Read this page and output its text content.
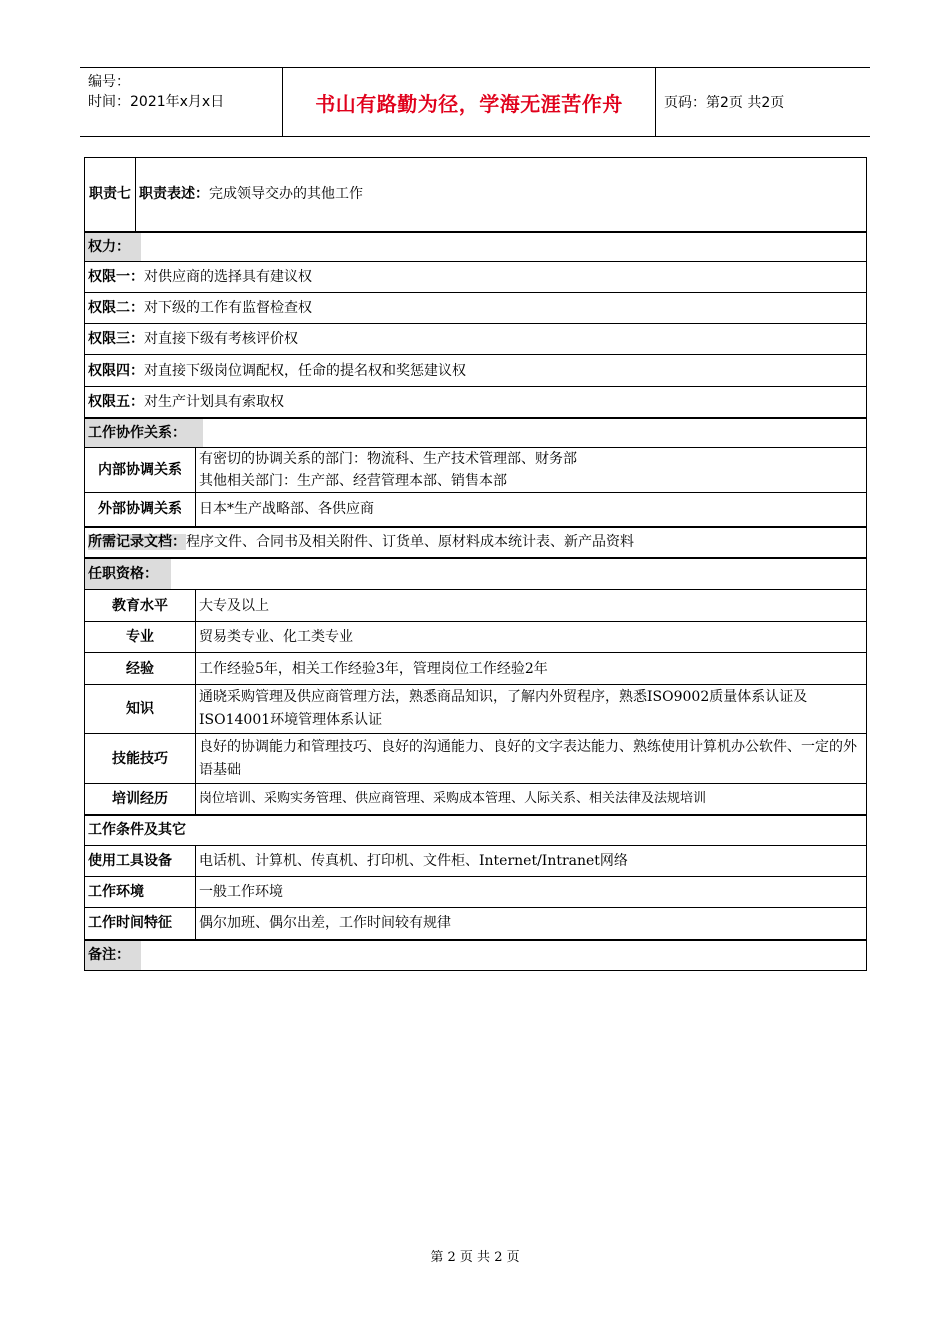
编号：
时间：2021年x月x日	书山有路勤为径，学海无涯苦作舟	页码：第2页 共2页
职责七	职责表述：完成领导交办的其他工作	
权力：		
权限一：对供应商的选择具有建议权		
权限二：对下级的工作有监督检查权		
权限三：对直接下级有考核评价权		
权限四：对直接下级岗位调配权，任命的提名权和奖惩建议权		
权限五：对生产计划具有索取权		
工作协作关系：		
内部协调关系		有密切的协调关系的部门：物流科、生产技术管理部、财务部
其他相关部门：生产部、经营管理本部、销售本部

外部协调关系		日本*生产战略部、各供应商
所需记录文档：程序文件、合同书及相关附件、订货单、原材料成本统计表、新产品资料		
任职资格：		
教育水平		大专及以上
专业		贸易类专业、化工类专业
经验		工作经验5年，相关工作经验3年，管理岗位工作经验2年
知识		通晓采购管理及供应商管理方法，熟悉商品知识，了解内外贸程序，熟悉ISO9002质量体系认证及ISO14001环境管理体系认证
技能技巧		良好的协调能力和管理技巧、良好的沟通能力、良好的文字表达能力、熟练使用计算机办公软件、一定的外语基础
培训经历		岗位培训、采购实务管理、供应商管理、采购成本管理、人际关系、相关法律及法规培训
工作条件及其它		
使用工具设备		电话机、计算机、传真机、打印机、文件柜、Internet/Intranet网络
工作环境		一般工作环境
工作时间特征		偶尔加班、偶尔出差，工作时间较有规律
备注：		
第 2 页 共 2 页
